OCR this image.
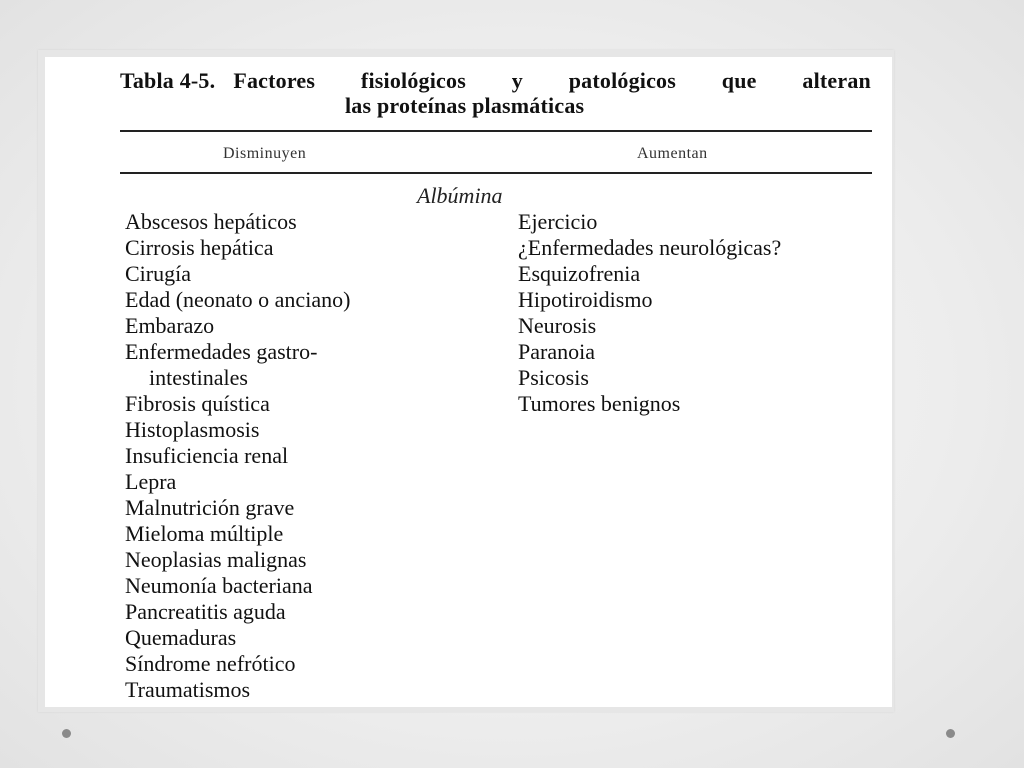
Tabla 4-5. Factores fisiológicos y patológicos que alteran
las proteínas plasmáticas
Disminuyen	Aumentan
Albúmina
Abscesos hepáticos
Cirrosis hepática
Cirugía
Edad (neonato o anciano)
Embarazo
Enfermedades gastro-
intestinales
Fibrosis quística
Histoplasmosis
Insuficiencia renal
Lepra
Malnutrición grave
Mieloma múltiple
Neoplasias malignas
Neumonía bacteriana
Pancreatitis aguda
Quemaduras
Síndrome nefrótico
Traumatismos
Ejercicio
¿Enfermedades neurológicas?
Esquizofrenia
Hipotiroidismo
Neurosis
Paranoia
Psicosis
Tumores benignos
